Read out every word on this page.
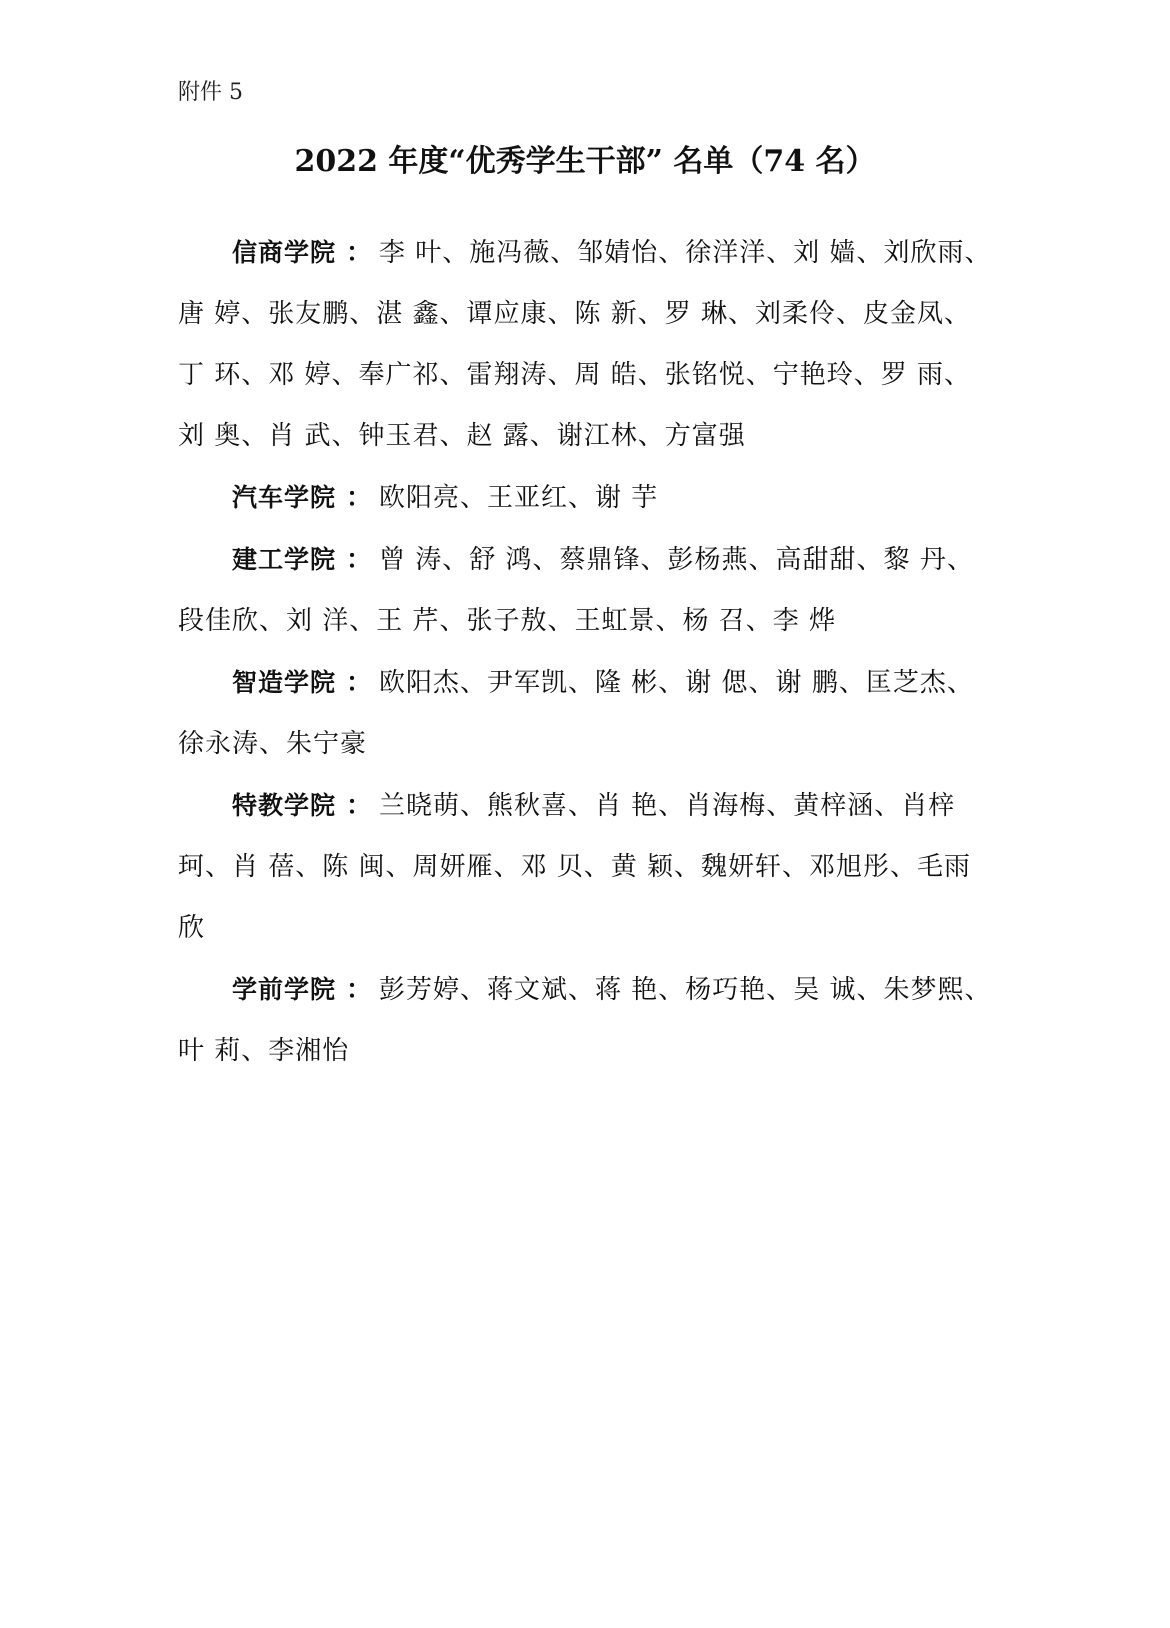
附件 5
2022 年度“优秀学生干部” 名单（74 名）

信商学院 ： 李 叶、施冯薇、邹婧怡、徐洋洋、刘 嫱、刘欣雨、唐 婷、张友鹏、湛 鑫、谭应康、陈 新、罗 琳、刘柔伶、皮金凤、丁 环、邓 婷、奉广祁、雷翔涛、周 皓、张铭悦、宁艳玲、罗 雨、刘 奥、肖 武、钟玉君、赵 露、谢江林、方富强

汽车学院 ： 欧阳亮、王亚红、谢 芋

建工学院 ： 曾 涛、舒 鸿、蔡鼎锋、彭杨燕、高甜甜、黎 丹、段佳欣、刘 洋、王 芹、张子敖、王虹景、杨 召、李 烨

智造学院 ： 欧阳杰、尹军凯、隆 彬、谢 偲、谢 鹏、匡芝杰、徐永涛、朱宁豪

特教学院 ： 兰晓萌、熊秋喜、肖 艳、肖海梅、黄梓涵、肖梓珂、肖 蓓、陈 闽、周妍雁、邓 贝、黄 颖、魏妍轩、邓旭彤、毛雨欣

学前学院 ： 彭芳婷、蒋文斌、蒋 艳、杨巧艳、吴 诚、朱梦熙、叶 莉、李湘怡
